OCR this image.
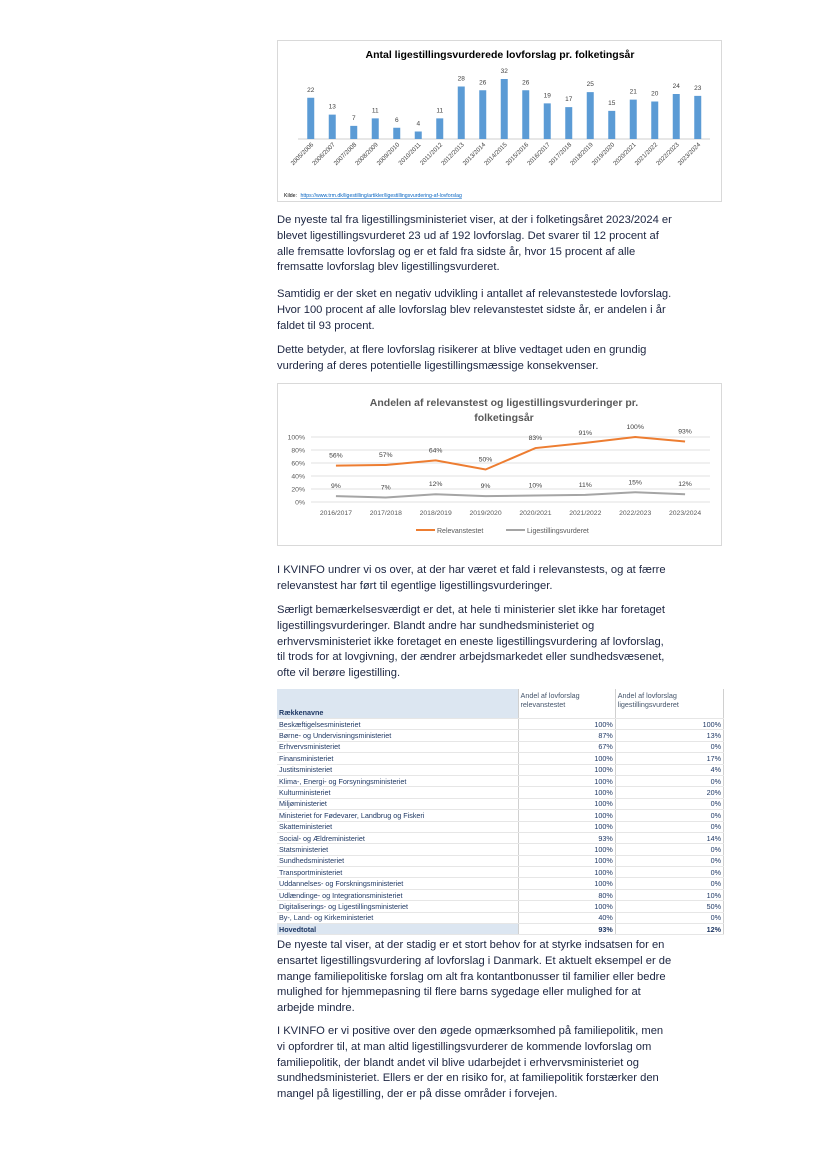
Antal ligestillingsvurderede lovforslag pr. folketingsår
22
13
7
11
6
4
11
28
26
32
26
19
17
25
15
21 20
24 23
2005/2006
2006/2007
2007/2008
2008/2009
2009/2010
2010/2011
2011/2012
2012/2013
2013/2014
2014/2015
2015/2016
2016/2017
2017/2018
2018/2019
2019/2020
2020/2021
2021/2022
2022/2023
2023/2024
Kilde: https://www.trm.dk/ligestilling/artikler/ligestillingsvurdering-af-lovforslag

De nyeste tal fra ligestillingsministeriet viser, at der i folketingsåret 2023/2024 er blevet ligestillingsvurderet 23 ud af 192 lovforslag. Det svarer til 12 procent af alle fremsatte lovforslag og er et fald fra sidste år, hvor 15 procent af alle fremsatte lovforslag blev ligestillingsvurderet.

Samtidig er der sket en negativ udvikling i antallet af relevanstestede lovforslag. Hvor 100 procent af alle lovforslag blev relevanstestet sidste år, er andelen i år faldet til 93 procent.

Dette betyder, at flere lovforslag risikerer at blive vedtaget uden en grundig vurdering af deres potentielle ligestillingsmæssige konsekvenser.

Andelen af relevanstest og ligestillingsvurderinger pr.
folketingsår
100%
80%
60%
40%
20%
0%
56%	57%
64%
50%
83%
91%
100%
93%
9%	7%	12%	9%	10%	11%	15%	12%
2016/2017	2017/2018	2018/2019	2019/2020	2020/2021	2021/2022	2022/2023	2023/2024
Relevanstestet	Ligestillingsvurderet

I KVINFO undrer vi os over, at der har været et fald i relevanstests, og at færre relevanstest har ført til egentlige ligestillingsvurderinger.

Særligt bemærkelsesværdigt er det, at hele ti ministerier slet ikke har foretaget ligestillingsvurderinger. Blandt andre har sundhedsministeriet og erhvervsministeriet ikke foretaget en eneste ligestillingsvurdering af lovforslag, til trods for at lovgivning, der ændrer arbejdsmarkedet eller sundhedsvæsenet, ofte vil berøre ligestilling.

Rækkenavne	Andel af lovforslag relevanstestet	Andel af lovforslag ligestillingsvurderet
Beskæftigelsesministeriet	100%	100%
Børne- og Undervisningsministeriet	87%	13%
Erhvervsministeriet	67%	0%
Finansministeriet	100%	17%
Justitsministeriet	100%	4%
Klima-, Energi- og Forsyningsministeriet	100%	0%
Kulturministeriet	100%	20%
Miljøministeriet	100%	0%
Ministeriet for Fødevarer, Landbrug og Fiskeri	100%	0%
Skatteministeriet	100%	0%
Social- og Ældreministeriet	93%	14%
Statsministeriet	100%	0%
Sundhedsministeriet	100%	0%
Transportministeriet	100%	0%
Uddannelses- og Forskningsministeriet	100%	0%
Udlændinge- og Integrationsministeriet	80%	10%
Digitaliserings- og Ligestillingsministeriet	100%	50%
By-, Land- og Kirkeministeriet	40%	0%
Hovedtotal	93%	12%

De nyeste tal viser, at der stadig er et stort behov for at styrke indsatsen for en ensartet ligestillingsvurdering af lovforslag i Danmark. Et aktuelt eksempel er de mange familiepolitiske forslag om alt fra kontantbonusser til familier eller bedre mulighed for hjemmepasning til flere barns sygedage eller mulighed for at arbejde mindre.

I KVINFO er vi positive over den øgede opmærksomhed på familiepolitik, men vi opfordrer til, at man altid ligestillingsvurderer de kommende lovforslag om familiepolitik, der blandt andet vil blive udarbejdet i erhvervsministeriet og sundhedsministeriet. Ellers er der en risiko for, at familiepolitik forstærker den mangel på ligestilling, der er på disse områder i forvejen.
